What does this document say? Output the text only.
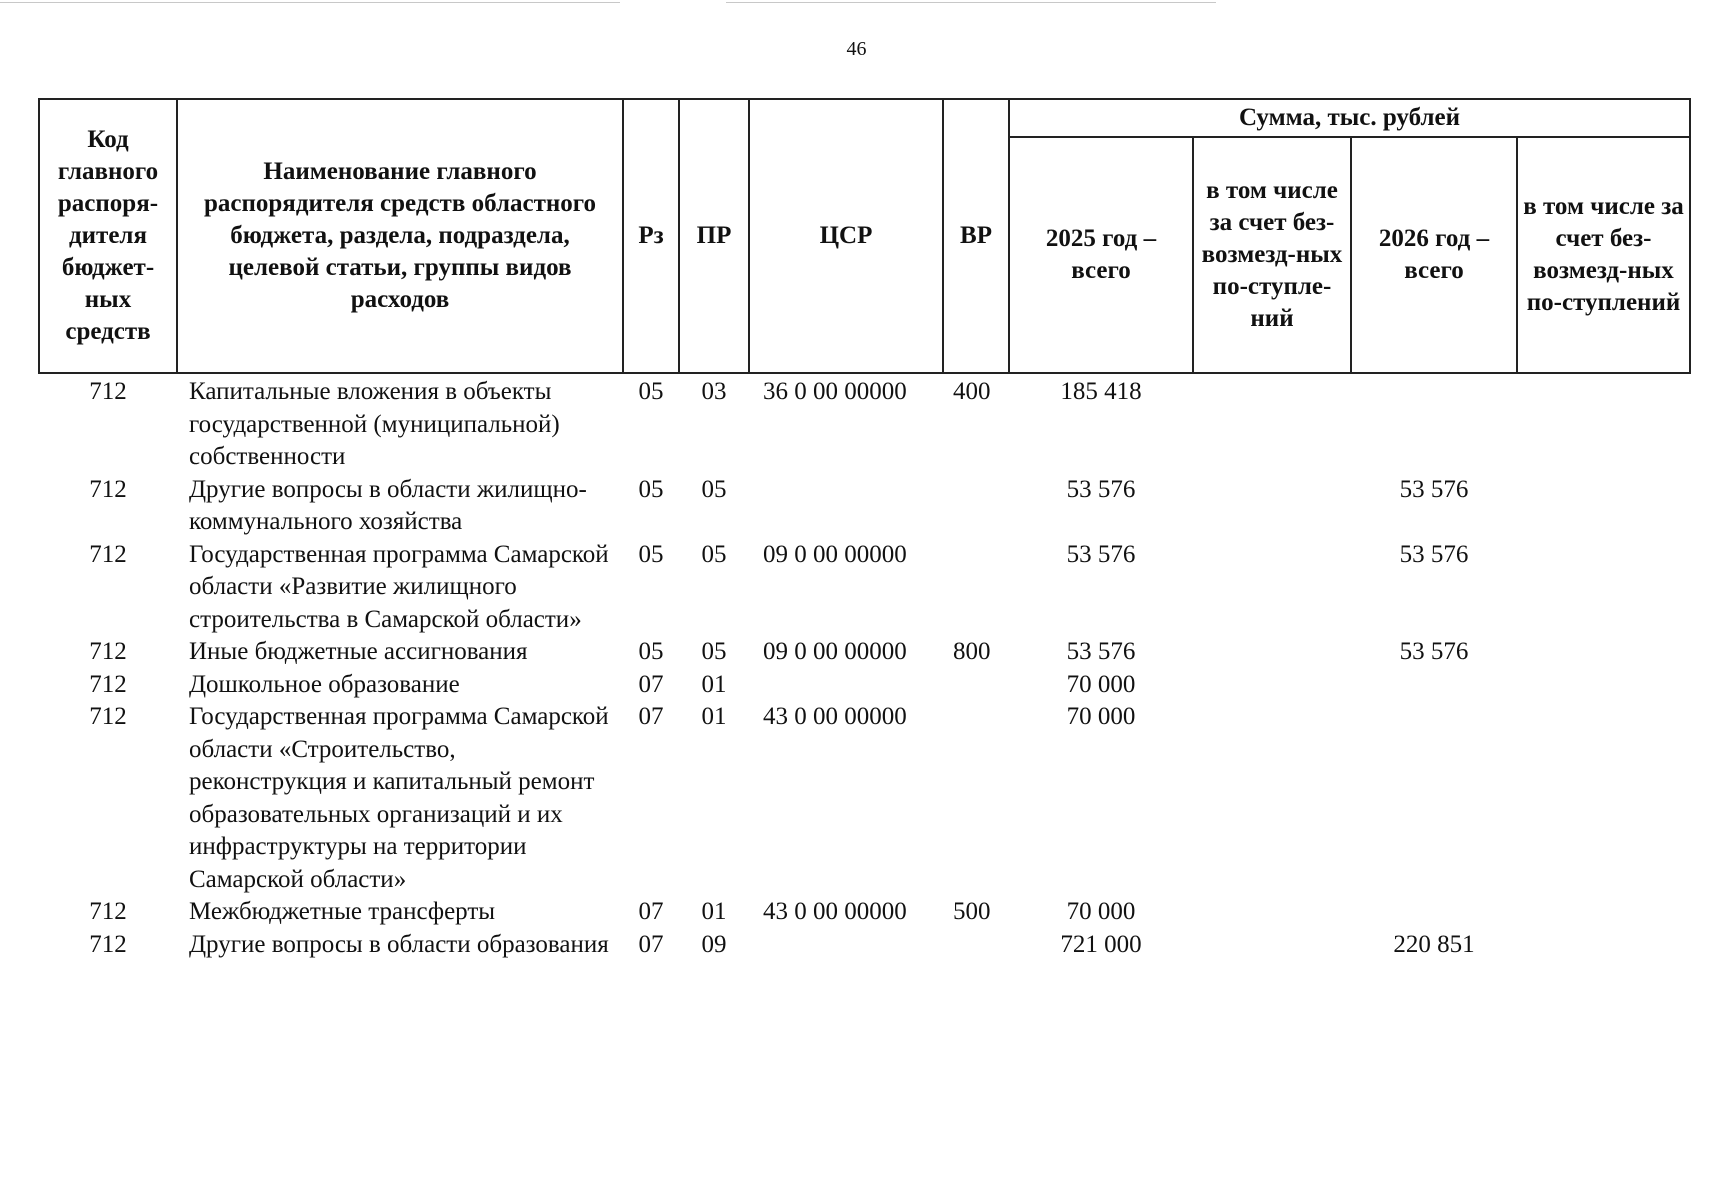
46
Код главного распоря-дителя бюджет-ных средств	Наименование главного распорядителя средств областного бюджета, раздела, подраздела, целевой статьи, группы видов расходов	Рз	ПР	ЦСР	ВР	Сумма, тыс. рублей			
						2025 год – всего	в том числе за счет без-возмезд-ных по-ступле-ний	2026 год – всего	в том числе за счет без-возмезд-ных по-ступлений
712	Капитальные вложения в объекты государственной (муниципальной) собственности	05	03	36 0 00 00000	400	185 418			
712	Другие вопросы в области жилищно-коммунального хозяйства	05	05			53 576		53 576	
712	Государственная программа Самарской области «Развитие жилищного строительства в Самарской области»	05	05	09 0 00 00000		53 576		53 576	
712	Иные бюджетные ассигнования	05	05	09 0 00 00000	800	53 576		53 576	
712	Дошкольное образование	07	01			70 000			
712	Государственная программа Самарской области «Строительство, реконструкция и капитальный ремонт образовательных организаций и их инфраструктуры на территории Самарской области»	07	01	43 0 00 00000		70 000			
712	Межбюджетные трансферты	07	01	43 0 00 00000	500	70 000			
712	Другие вопросы в области образования	07	09			721 000		220 851	
